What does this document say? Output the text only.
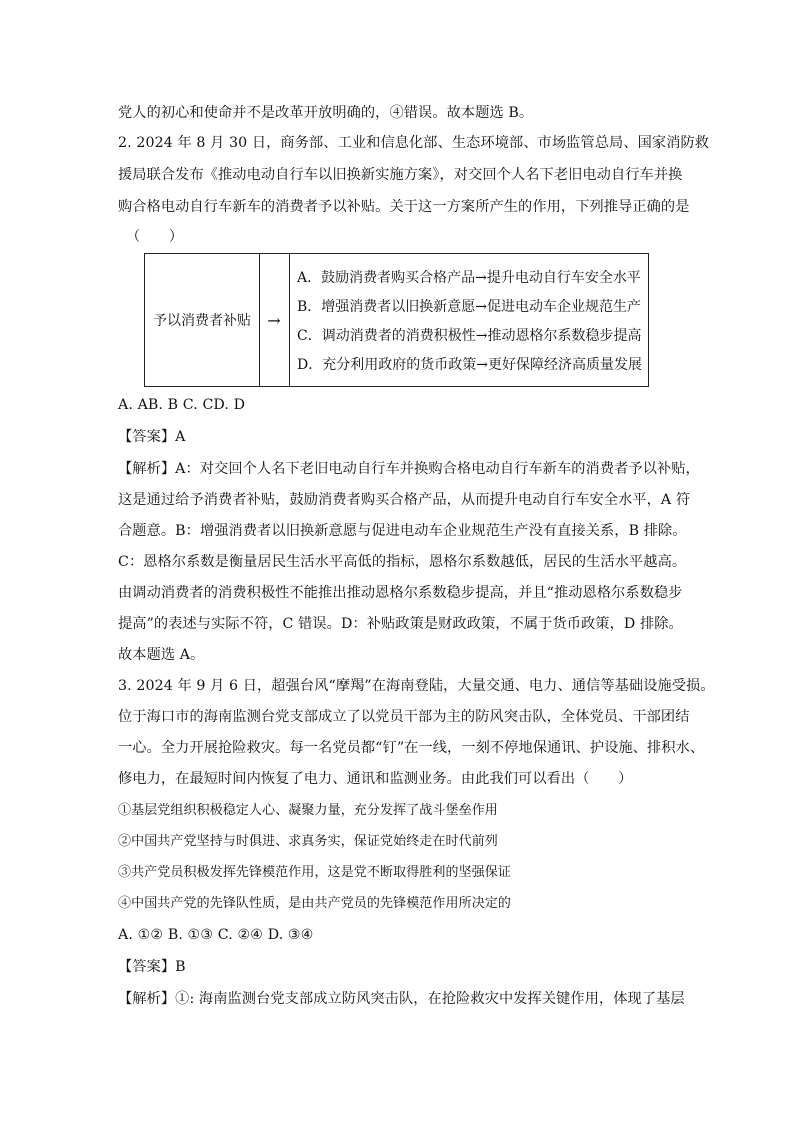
党人的初心和使命并不是改革开放明确的，④错误。故本题选 B。
2. 2024 年 8 月 30 日，商务部、工业和信息化部、生态环境部、市场监管总局、国家消防救
援局联合发布《推动电动自行车以旧换新实施方案》，对交回个人名下老旧电动自行车并换
购合格电动自行车新车的消费者予以补贴。关于这一方案所产生的作用，下列推导正确的是
（　　）
予以消费者补贴	→
A．鼓励消费者购买合格产品→提升电动自行车安全水平
B．增强消费者以旧换新意愿→促进电动车企业规范生产
C．调动消费者的消费积极性→推动恩格尔系数稳步提高
D．充分利用政府的货币政策→更好保障经济高质量发展
A. AB. B C. CD. D
【答案】A
【解析】A：对交回个人名下老旧电动自行车并换购合格电动自行车新车的消费者予以补贴，
这是通过给予消费者补贴，鼓励消费者购买合格产品，从而提升电动自行车安全水平，A 符
合题意。B：增强消费者以旧换新意愿与促进电动车企业规范生产没有直接关系，B 排除。
C：恩格尔系数是衡量居民生活水平高低的指标，恩格尔系数越低，居民的生活水平越高。
由调动消费者的消费积极性不能推出推动恩格尔系数稳步提高，并且“推动恩格尔系数稳步
提高”的表述与实际不符，C 错误。D：补贴政策是财政政策，不属于货币政策，D 排除。
故本题选 A。
3. 2024 年 9 月 6 日，超强台风“摩羯”在海南登陆，大量交通、电力、通信等基础设施受损。
位于海口市的海南监测台党支部成立了以党员干部为主的防风突击队，全体党员、干部团结
一心。全力开展抢险救灾。每一名党员都“钉”在一线，一刻不停地保通讯、护设施、排积水、
修电力，在最短时间内恢复了电力、通讯和监测业务。由此我们可以看出（　　）
①基层党组织积极稳定人心、凝聚力量，充分发挥了战斗堡垒作用
②中国共产党坚持与时俱进、求真务实，保证党始终走在时代前列
③共产党员积极发挥先锋模范作用，这是党不断取得胜利的坚强保证
④中国共产党的先锋队性质，是由共产党员的先锋模范作用所决定的
A. ①② B. ①③ C. ②④ D. ③④
【答案】B
【解析】①: 海南监测台党支部成立防风突击队，在抢险救灾中发挥关键作用，体现了基层
